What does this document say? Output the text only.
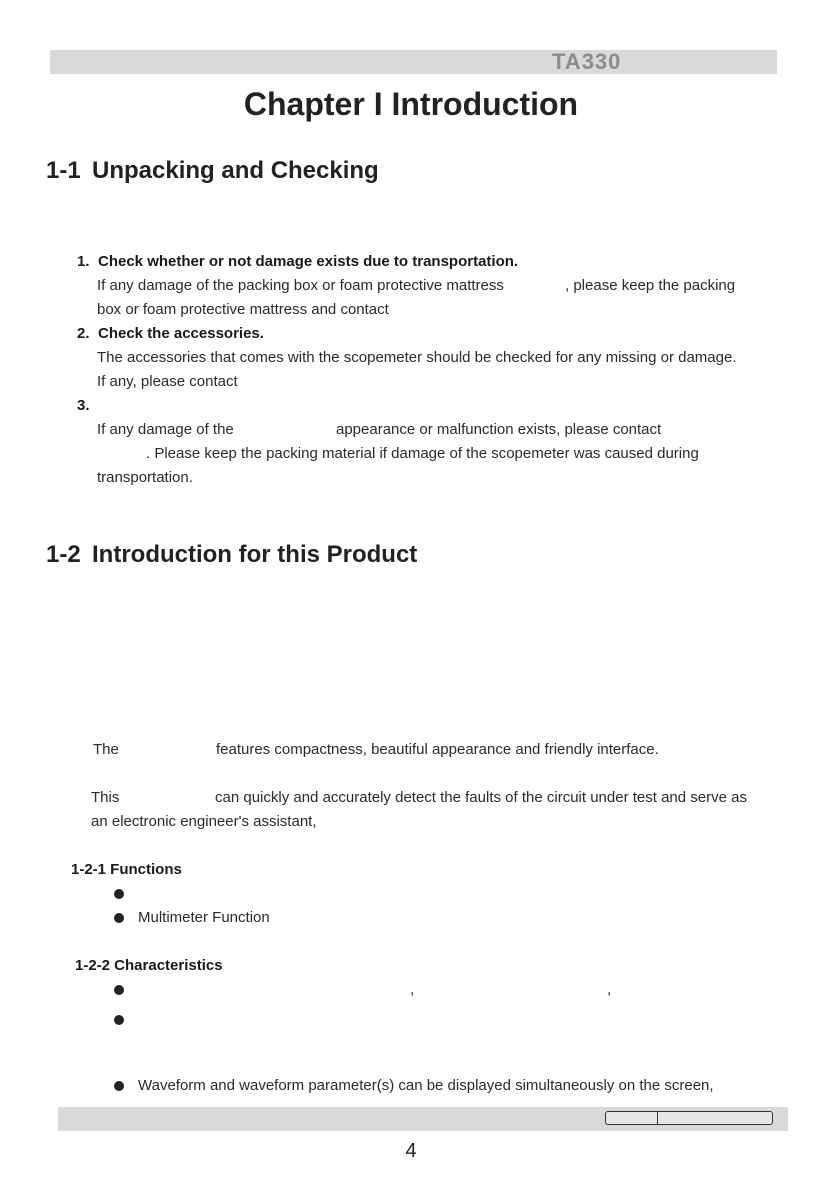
TA330
Chapter I Introduction
1-1 Unpacking and Checking
1. Check whether or not damage exists due to transportation.
If any damage of the packing box or foam protective mattress	, please keep the packing
box or foam protective mattress and contact
2. Check the accessories.
The accessories that comes with the scopemeter should be checked for any missing or damage.
If any, please contact
3.
If any damage of the	appearance or malfunction exists, please contact
. Please keep the packing material if damage of the scopemeter was caused during
transportation.
1-2 Introduction for this Product
The	features compactness, beautiful appearance and friendly interface.
This	can quickly and accurately detect the faults of the circuit under test and serve as
an electronic engineer's assistant,
1-2-1 Functions
Multimeter Function
1-2-2 Characteristics
,	,
Waveform and waveform parameter(s) can be displayed simultaneously on the screen,
4
